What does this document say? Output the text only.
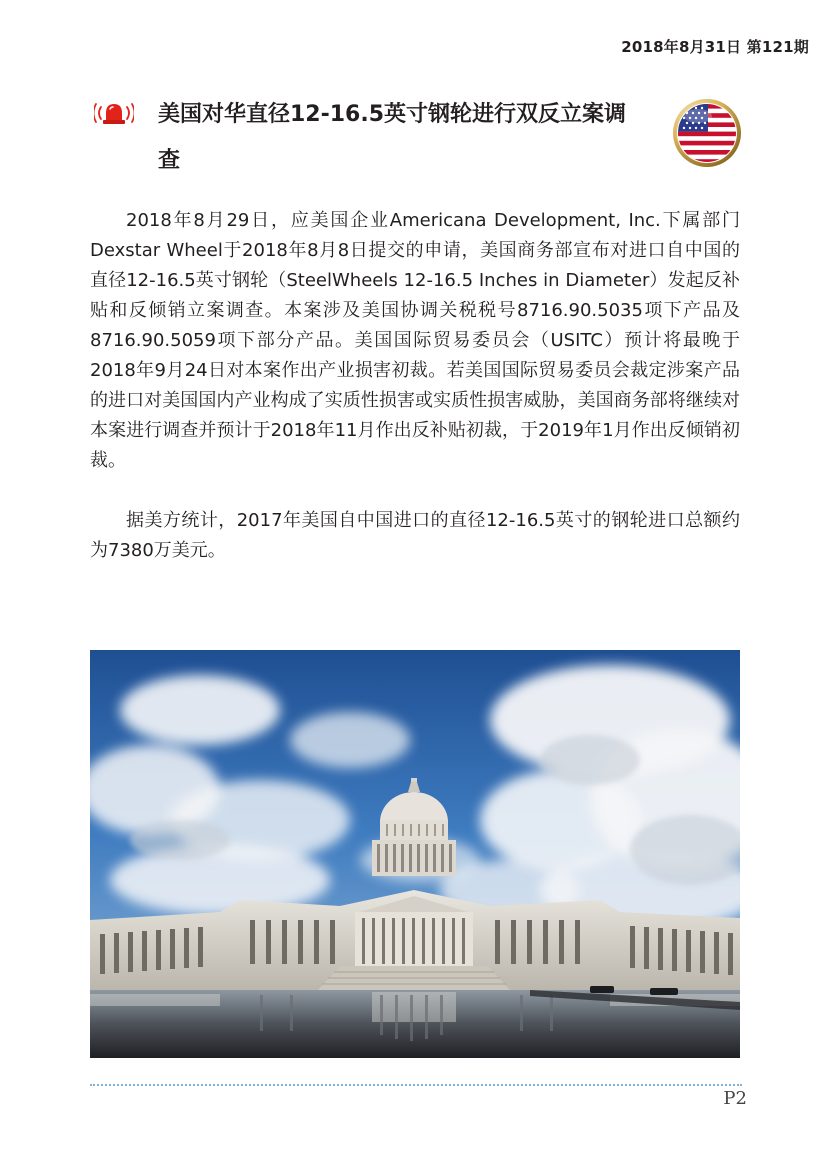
2018年8月31日 第121期
美国对华直径12-16.5英寸钢轮进行双反立案调查

2018年8月29日，应美国企业Americana Development, Inc.下属部门Dexstar Wheel于2018年8月8日提交的申请，美国商务部宣布对进口自中国的直径12-16.5英寸钢轮（SteelWheels 12-16.5 Inches in Diameter）发起反补贴和反倾销立案调查。本案涉及美国协调关税税号8716.90.5035项下产品及8716.90.5059项下部分产品。美国国际贸易委员会（USITC）预计将最晚于2018年9月24日对本案作出产业损害初裁。若美国国际贸易委员会裁定涉案产品的进口对美国国内产业构成了实质性损害或实质性损害威胁，美国商务部将继续对本案进行调查并预计于2018年11月作出反补贴初裁，于2019年1月作出反倾销初裁。

据美方统计，2017年美国自中国进口的直径12-16.5英寸的钢轮进口总额约为7380万美元。

P2
